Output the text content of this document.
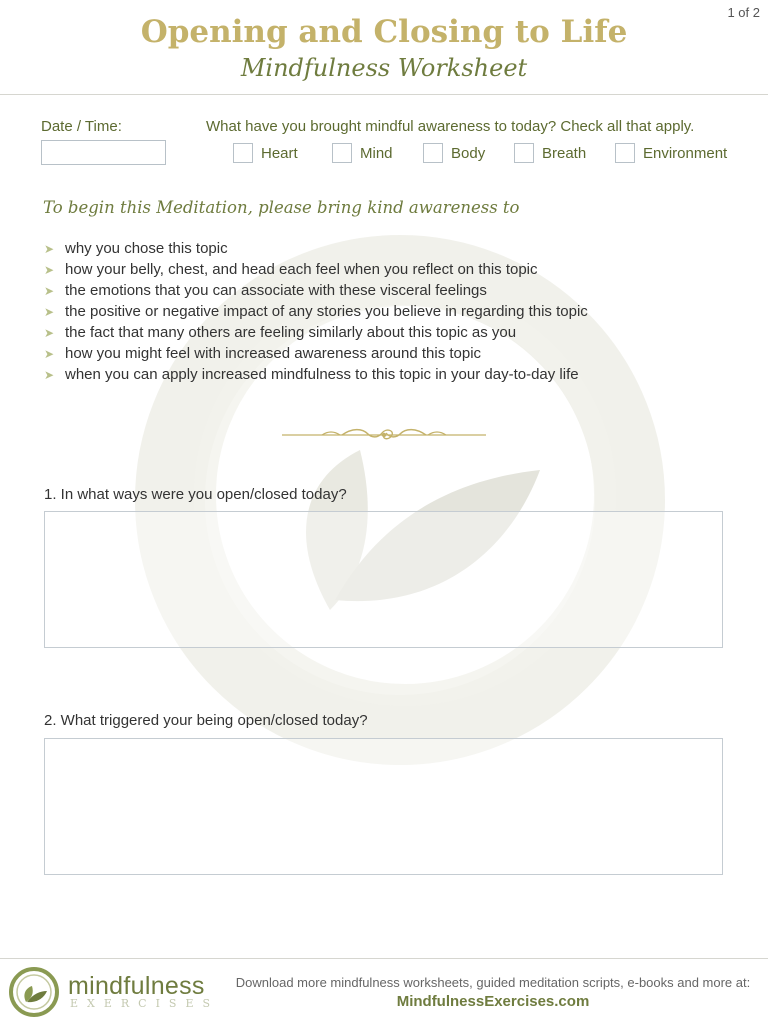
1 of 2
Opening and Closing to Life
Mindfulness Worksheet
Date / Time:	What have you brought mindful awareness to today? Check all that apply.
Heart	Mind	Body	Breath	Environment
To begin this Meditation, please bring kind awareness to
➤ why you chose this topic
➤ how your belly, chest, and head each feel when you reflect on this topic
➤ the emotions that you can associate with these visceral feelings
➤ the positive or negative impact of any stories you believe in regarding this topic
➤ the fact that many others are feeling similarly about this topic as you
➤ how you might feel with increased awareness around this topic
➤ when you can apply increased mindfulness to this topic in your day-to-day life
1. In what ways were you open/closed today?
2. What triggered your being open/closed today?
mindfulness
EXERCISES
Download more mindfulness worksheets, guided meditation scripts, e-books and more at:
MindfulnessExercises.com
